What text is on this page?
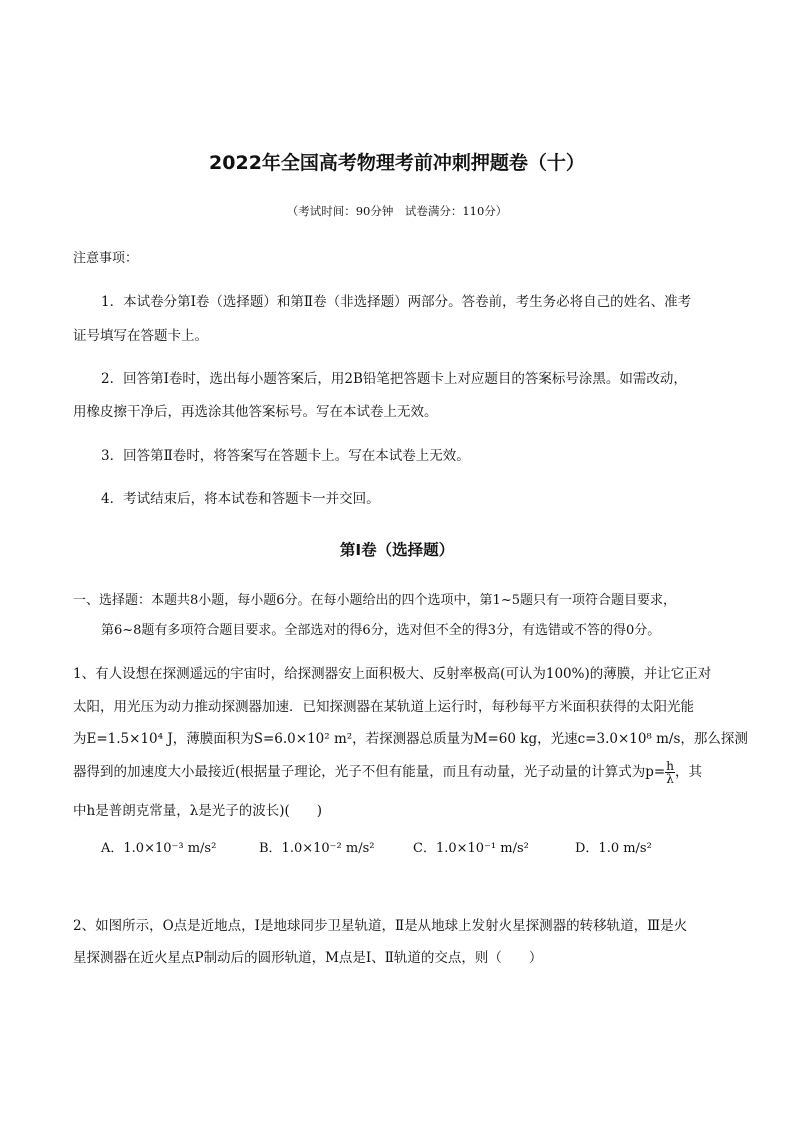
2022年全国高考物理考前冲刺押题卷（十）
（考试时间：90分钟　试卷满分：110分）
注意事项：
1．本试卷分第Ⅰ卷（选择题）和第Ⅱ卷（非选择题）两部分。答卷前，考生务必将自己的姓名、准考
证号填写在答题卡上。
2．回答第Ⅰ卷时，选出每小题答案后，用2B铅笔把答题卡上对应题目的答案标号涂黑。如需改动，
用橡皮擦干净后，再选涂其他答案标号。写在本试卷上无效。
3．回答第Ⅱ卷时，将答案写在答题卡上。写在本试卷上无效。
4．考试结束后，将本试卷和答题卡一并交回。
第Ⅰ卷（选择题）
一、选择题：本题共8小题，每小题6分。在每小题给出的四个选项中，第1~5题只有一项符合题目要求，
第6~8题有多项符合题目要求。全部选对的得6分，选对但不全的得3分，有选错或不答的得0分。
1、有人设想在探测遥远的宇宙时，给探测器安上面积极大、反射率极高(可认为100%)的薄膜，并让它正对
太阳，用光压为动力推动探测器加速．已知探测器在某轨道上运行时，每秒每平方米面积获得的太阳光能
为E=1.5×10⁴ J，薄膜面积为S=6.0×10² m²，若探测器总质量为M=60 kg，光速c=3.0×10⁸ m/s，那么探测
器得到的加速度大小最接近(根据量子理论，光子不但有能量，而且有动量，光子动量的计算式为$p= \frac{h}{\lambda}$ ，其
中h是普朗克常量，λ是光子的波长)(　　)
A．1.0×10⁻³ m/s²	B．1.0×10⁻² m/s²	C．1.0×10⁻¹ m/s²	D．1.0 m/s²
2、如图所示，O点是近地点，Ⅰ是地球同步卫星轨道，Ⅱ是从地球上发射火星探测器的转移轨道，Ⅲ是火
星探测器在近火星点P制动后的圆形轨道，M点是Ⅰ、Ⅱ轨道的交点，则（　　）
